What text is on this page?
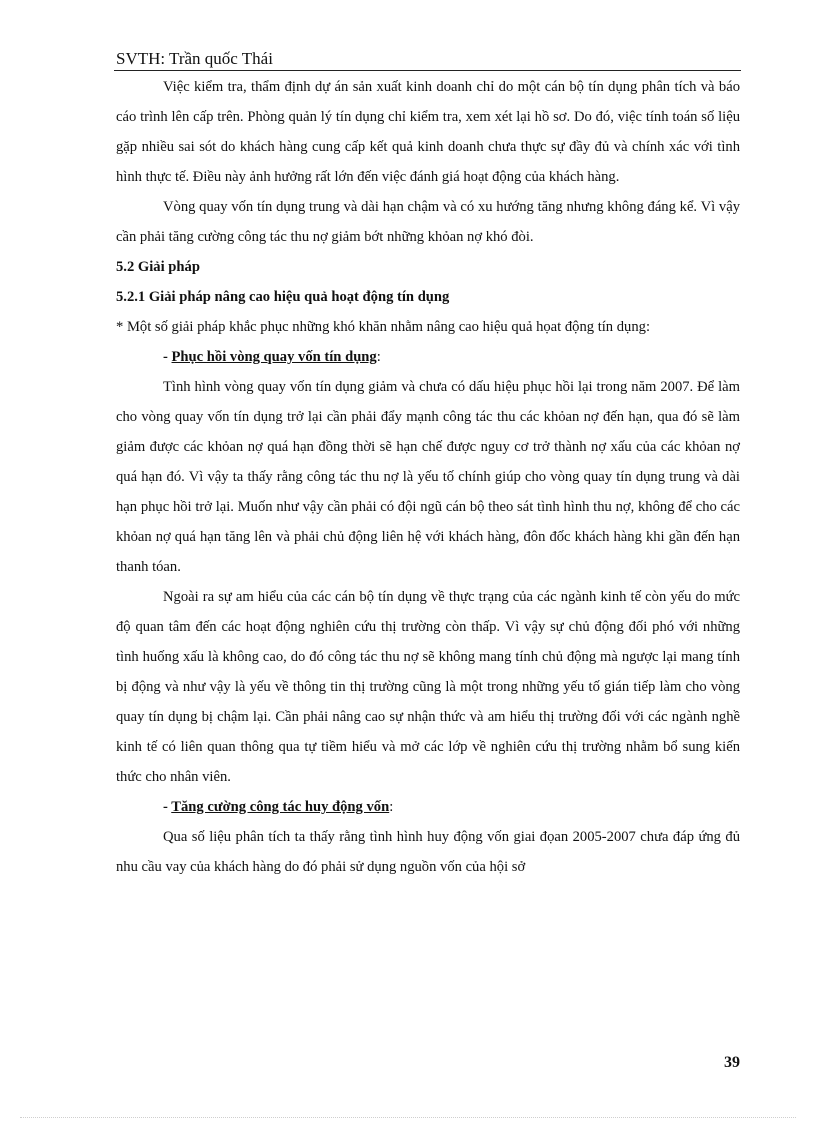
SVTH: Trần quốc Thái

Việc kiểm tra, thẩm định dự án sản xuất kinh doanh chỉ do một cán bộ tín dụng phân tích và báo cáo trình lên cấp trên. Phòng quản lý tín dụng chỉ kiểm tra, xem xét lại hồ sơ. Do đó, việc tính toán số liệu gặp nhiều sai sót do khách hàng cung cấp kết quả kinh doanh chưa thực sự đầy đủ và chính xác với tình hình thực tế. Điều này ảnh hưởng rất lớn đến việc đánh giá hoạt động của khách hàng.

Vòng quay vốn tín dụng trung và dài hạn chậm và có xu hướng tăng nhưng không đáng kể. Vì vậy cần phải tăng cường công tác thu nợ giảm bớt những khỏan nợ khó đòi.

5.2 Giải pháp

5.2.1 Giải pháp nâng cao hiệu quả hoạt động tín dụng

* Một số giải pháp khắc phục những khó khăn nhằm nâng cao hiệu quả họat động tín dụng:

- Phục hồi vòng quay vốn tín dụng:

Tình hình vòng quay vốn tín dụng giảm và chưa có dấu hiệu phục hồi lại trong năm 2007. Để làm cho vòng quay vốn tín dụng trở lại cần phải đẩy mạnh công tác thu các khỏan nợ đến hạn, qua đó sẽ làm giảm được các khỏan nợ quá hạn đồng thời sẽ hạn chế được nguy cơ trở thành nợ xấu của các khỏan nợ quá hạn đó. Vì vậy ta thấy rằng công tác thu nợ là yếu tố chính giúp cho vòng quay tín dụng trung và dài hạn phục hồi trở lại. Muốn như vậy cần phải có đội ngũ cán bộ theo sát tình hình thu nợ, không để cho các khỏan nợ quá hạn tăng lên và phải chủ động liên hệ với khách hàng, đôn đốc khách hàng khi gần đến hạn thanh tóan.

Ngoài ra sự am hiểu của các cán bộ tín dụng về thực trạng của các ngành kinh tế còn yếu do mức độ quan tâm đến các hoạt động nghiên cứu thị trường còn thấp. Vì vậy sự chủ động đối phó với những tình huống xấu là không cao, do đó công tác thu nợ sẽ không mang tính chủ động mà ngược lại mang tính bị động và như vậy là yếu về thông tin thị trường cũng là một trong những yếu tố gián tiếp làm cho vòng quay tín dụng bị chậm lại. Cần phải nâng cao sự nhận thức và am hiểu thị trường đối với các ngành nghề kinh tế có liên quan thông qua tự tiềm hiểu và mở các lớp về nghiên cứu thị trường nhằm bổ sung kiến thức cho nhân viên.

- Tăng cường công tác huy động vốn:

Qua số liệu phân tích ta thấy rằng tình hình huy động vốn giai đọan 2005-2007 chưa đáp ứng đủ nhu cầu vay của khách hàng do đó phải sử dụng nguồn vốn của hội sở

39
